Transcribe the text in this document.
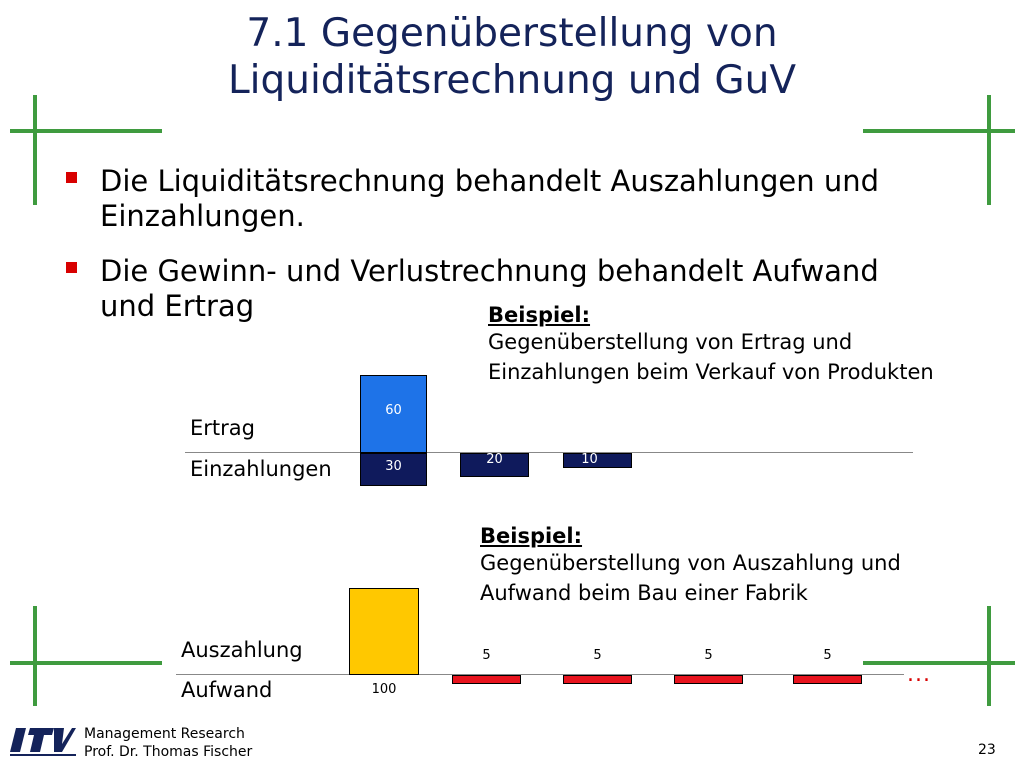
7.1 Gegenüberstellung von
Liquiditätsrechnung und GuV
Die Liquiditätsrechnung behandelt Auszahlungen und
Einzahlungen.
Die Gewinn- und Verlustrechnung behandelt Aufwand
und Ertrag	Beispiel:
Gegenüberstellung von Ertrag und
Einzahlungen beim Verkauf von Produkten
Ertrag
Einzahlungen
60
30	20	10
Beispiel:
Gegenüberstellung von Auszahlung und
Aufwand beim Bau einer Fabrik
Auszahlung
Aufwand	100
5	5	5	5
...
Management Research
Prof. Dr. Thomas Fischer	23
